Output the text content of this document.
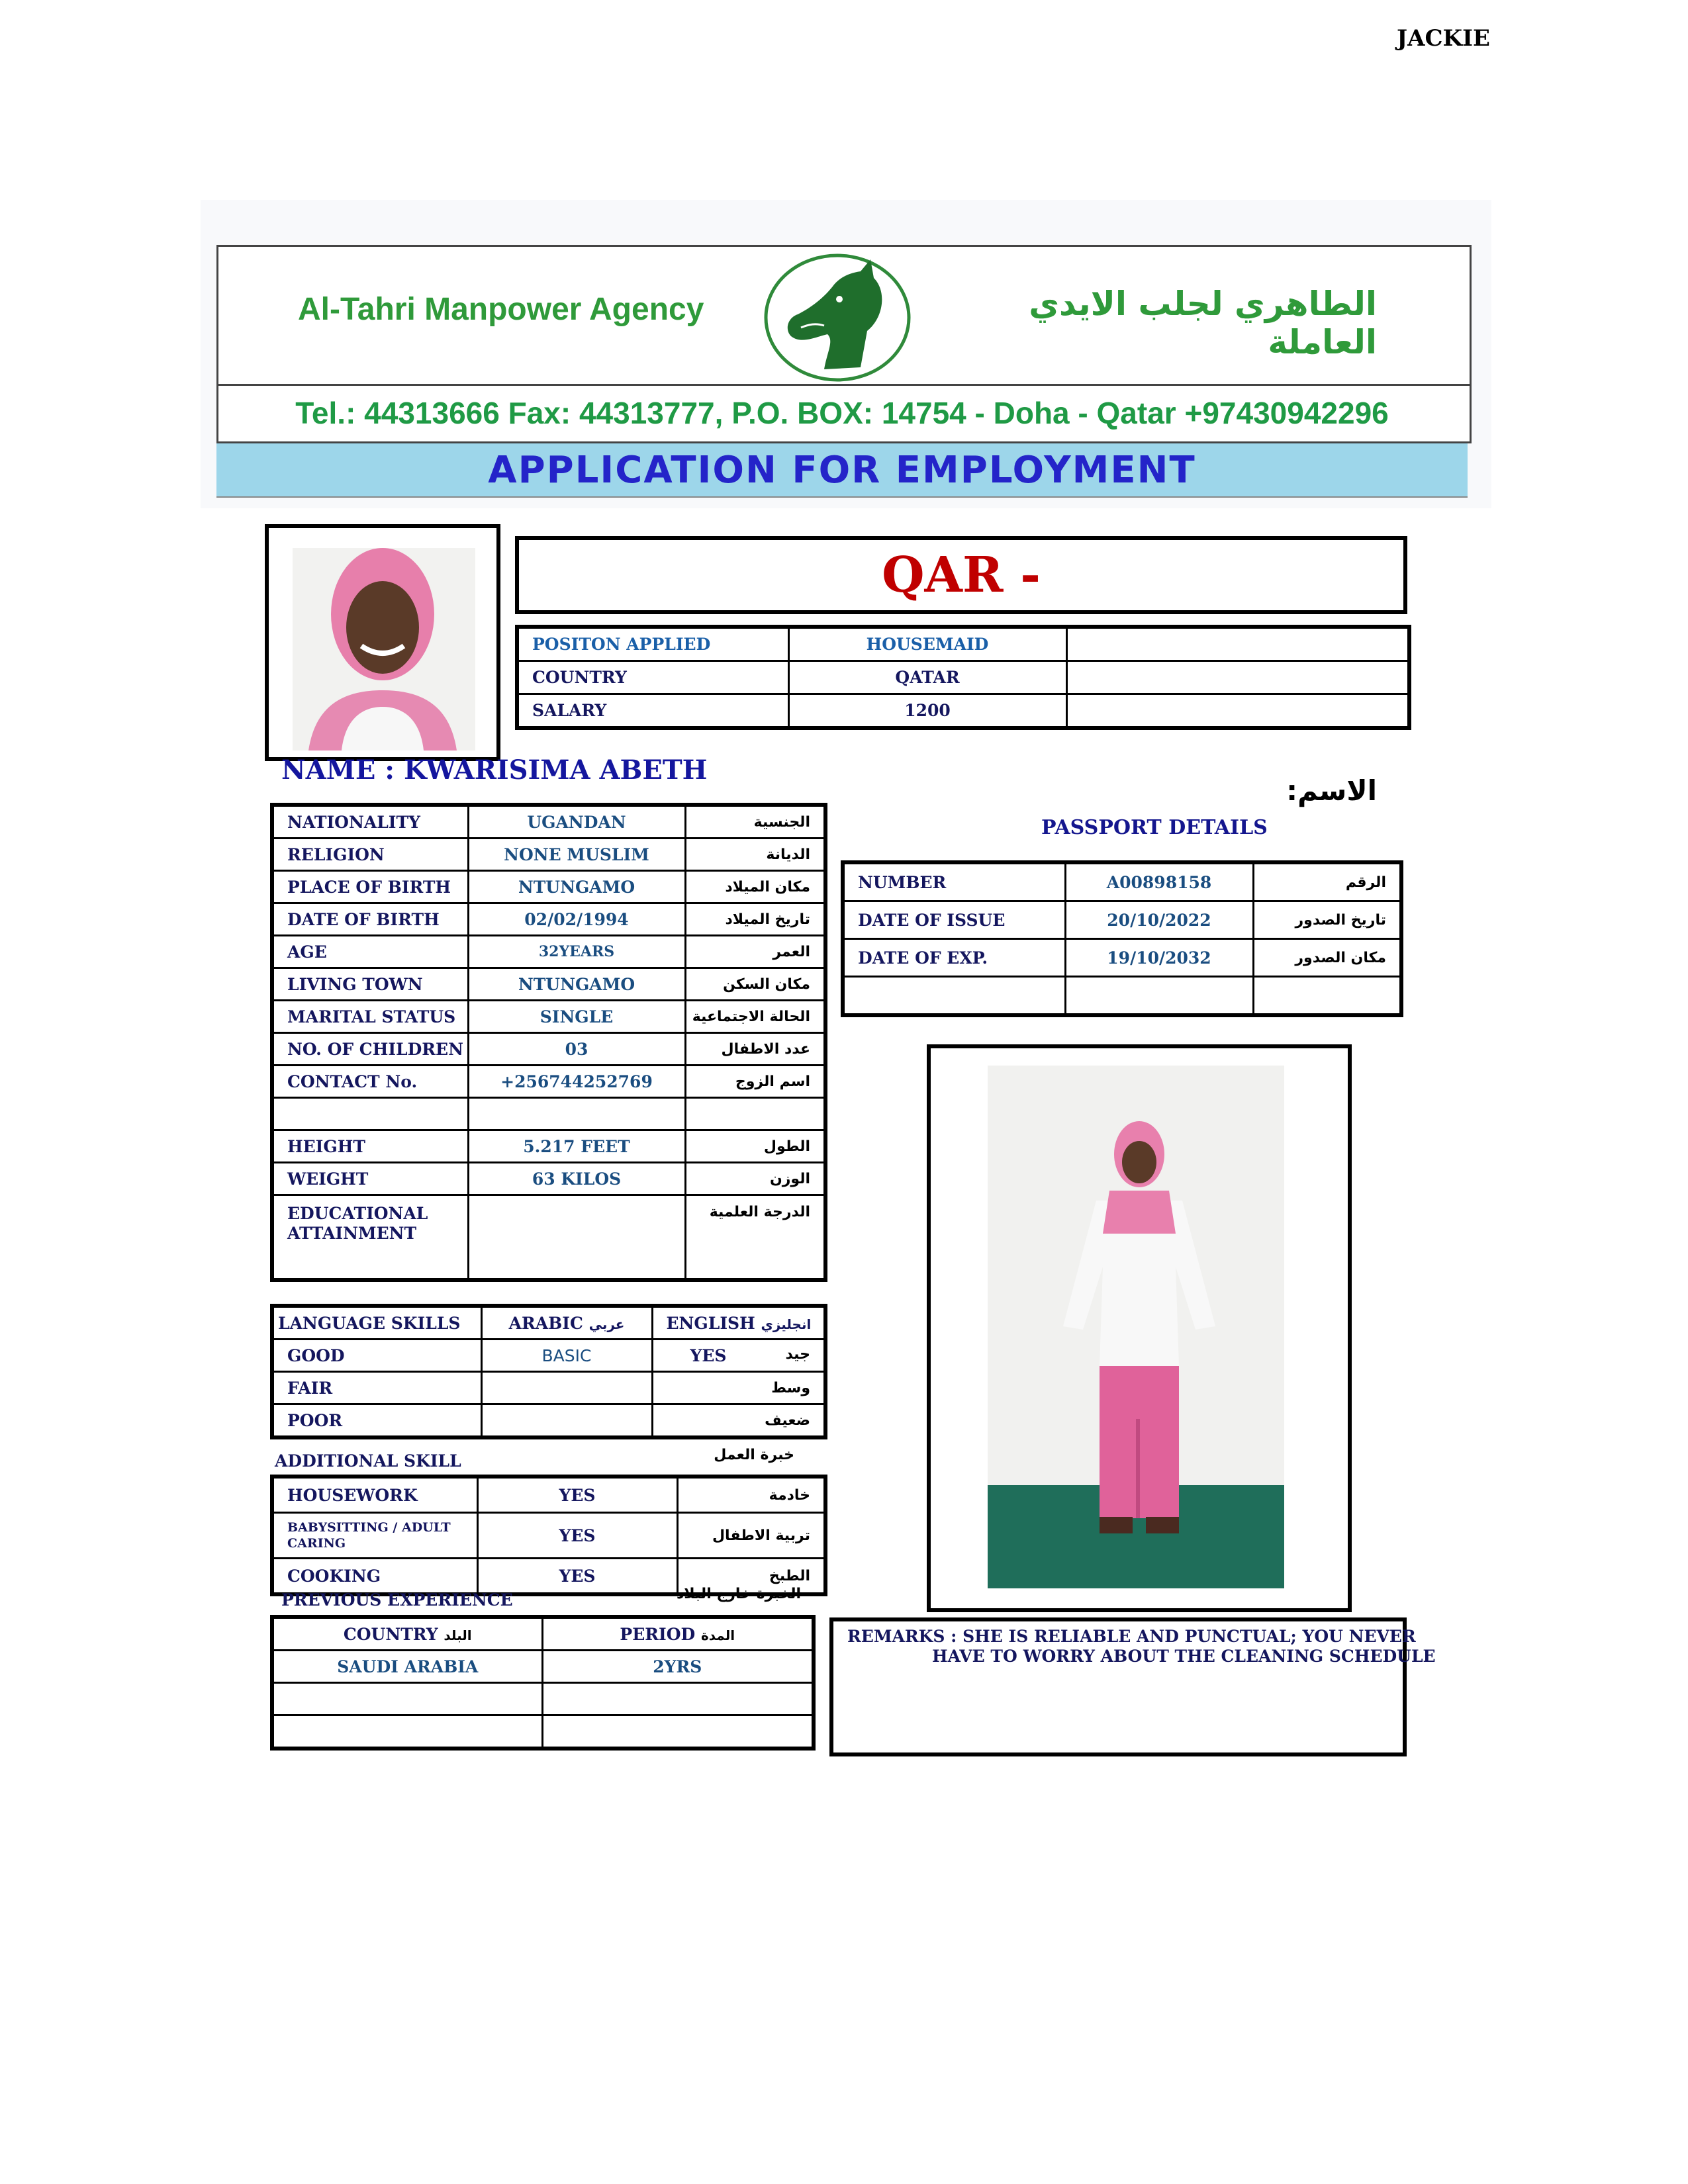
JACKIE
Al-Tahri Manpower Agency	الطاهري لجلب الايدي العاملة
Tel.: 44313666 Fax: 44313777, P.O. BOX: 14754 - Doha - Qatar +97430942296
APPLICATION FOR EMPLOYMENT
QAR -
POSITON APPLIED	HOUSEMAID	
COUNTRY	QATAR	
SALARY	1200	
NAME : KWARISIMA ABETH
الاسم:
NATIONALITY	UGANDAN	الجنسية
RELIGION	NONE MUSLIM	الديانة
PLACE OF BIRTH	NTUNGAMO	مكان الميلاد
DATE OF BIRTH	02/02/1994	تاريخ الميلاد
AGE	32YEARS	العمر
LIVING TOWN	NTUNGAMO	مكان السكن
MARITAL STATUS	SINGLE	الحالة الاجتماعية
NO. OF CHILDREN	03	عدد الاطفال
CONTACT No.	+256744252769	اسم الزوج

HEIGHT	5.217 FEET	الطول
WEIGHT	63 KILOS	الوزن

EDUCATIONAL
ATTAINMENT		الدرجة العلمية
PASSPORT DETAILS
NUMBER	A00898158	الرقم
DATE OF ISSUE	20/10/2022	تاريخ الصدور
DATE OF EXP.	19/10/2032	مكان الصدور

LANGUAGE SKILLS	ARABIC عربي	ENGLISH انجليزي
GOOD	BASIC	YES جيد

FAIR		وسط

POOR		ضعيف
ADDITIONAL SKILL	خبرة العمل
HOUSEWORK	YES	خادمة

BABYSITTING / ADULT
CARING	YES	تربية الاطفال
COOKING	YES	الطبخ
PREVIOUS EXPERIENCE	الخبرة خارج البلاد
COUNTRY البلد	PERIOD المدة
SAUDI ARABIA	2YRS

REMARKS : SHE IS RELIABLE AND PUNCTUAL; YOU NEVER
HAVE TO WORRY ABOUT THE CLEANING SCHEDULE
